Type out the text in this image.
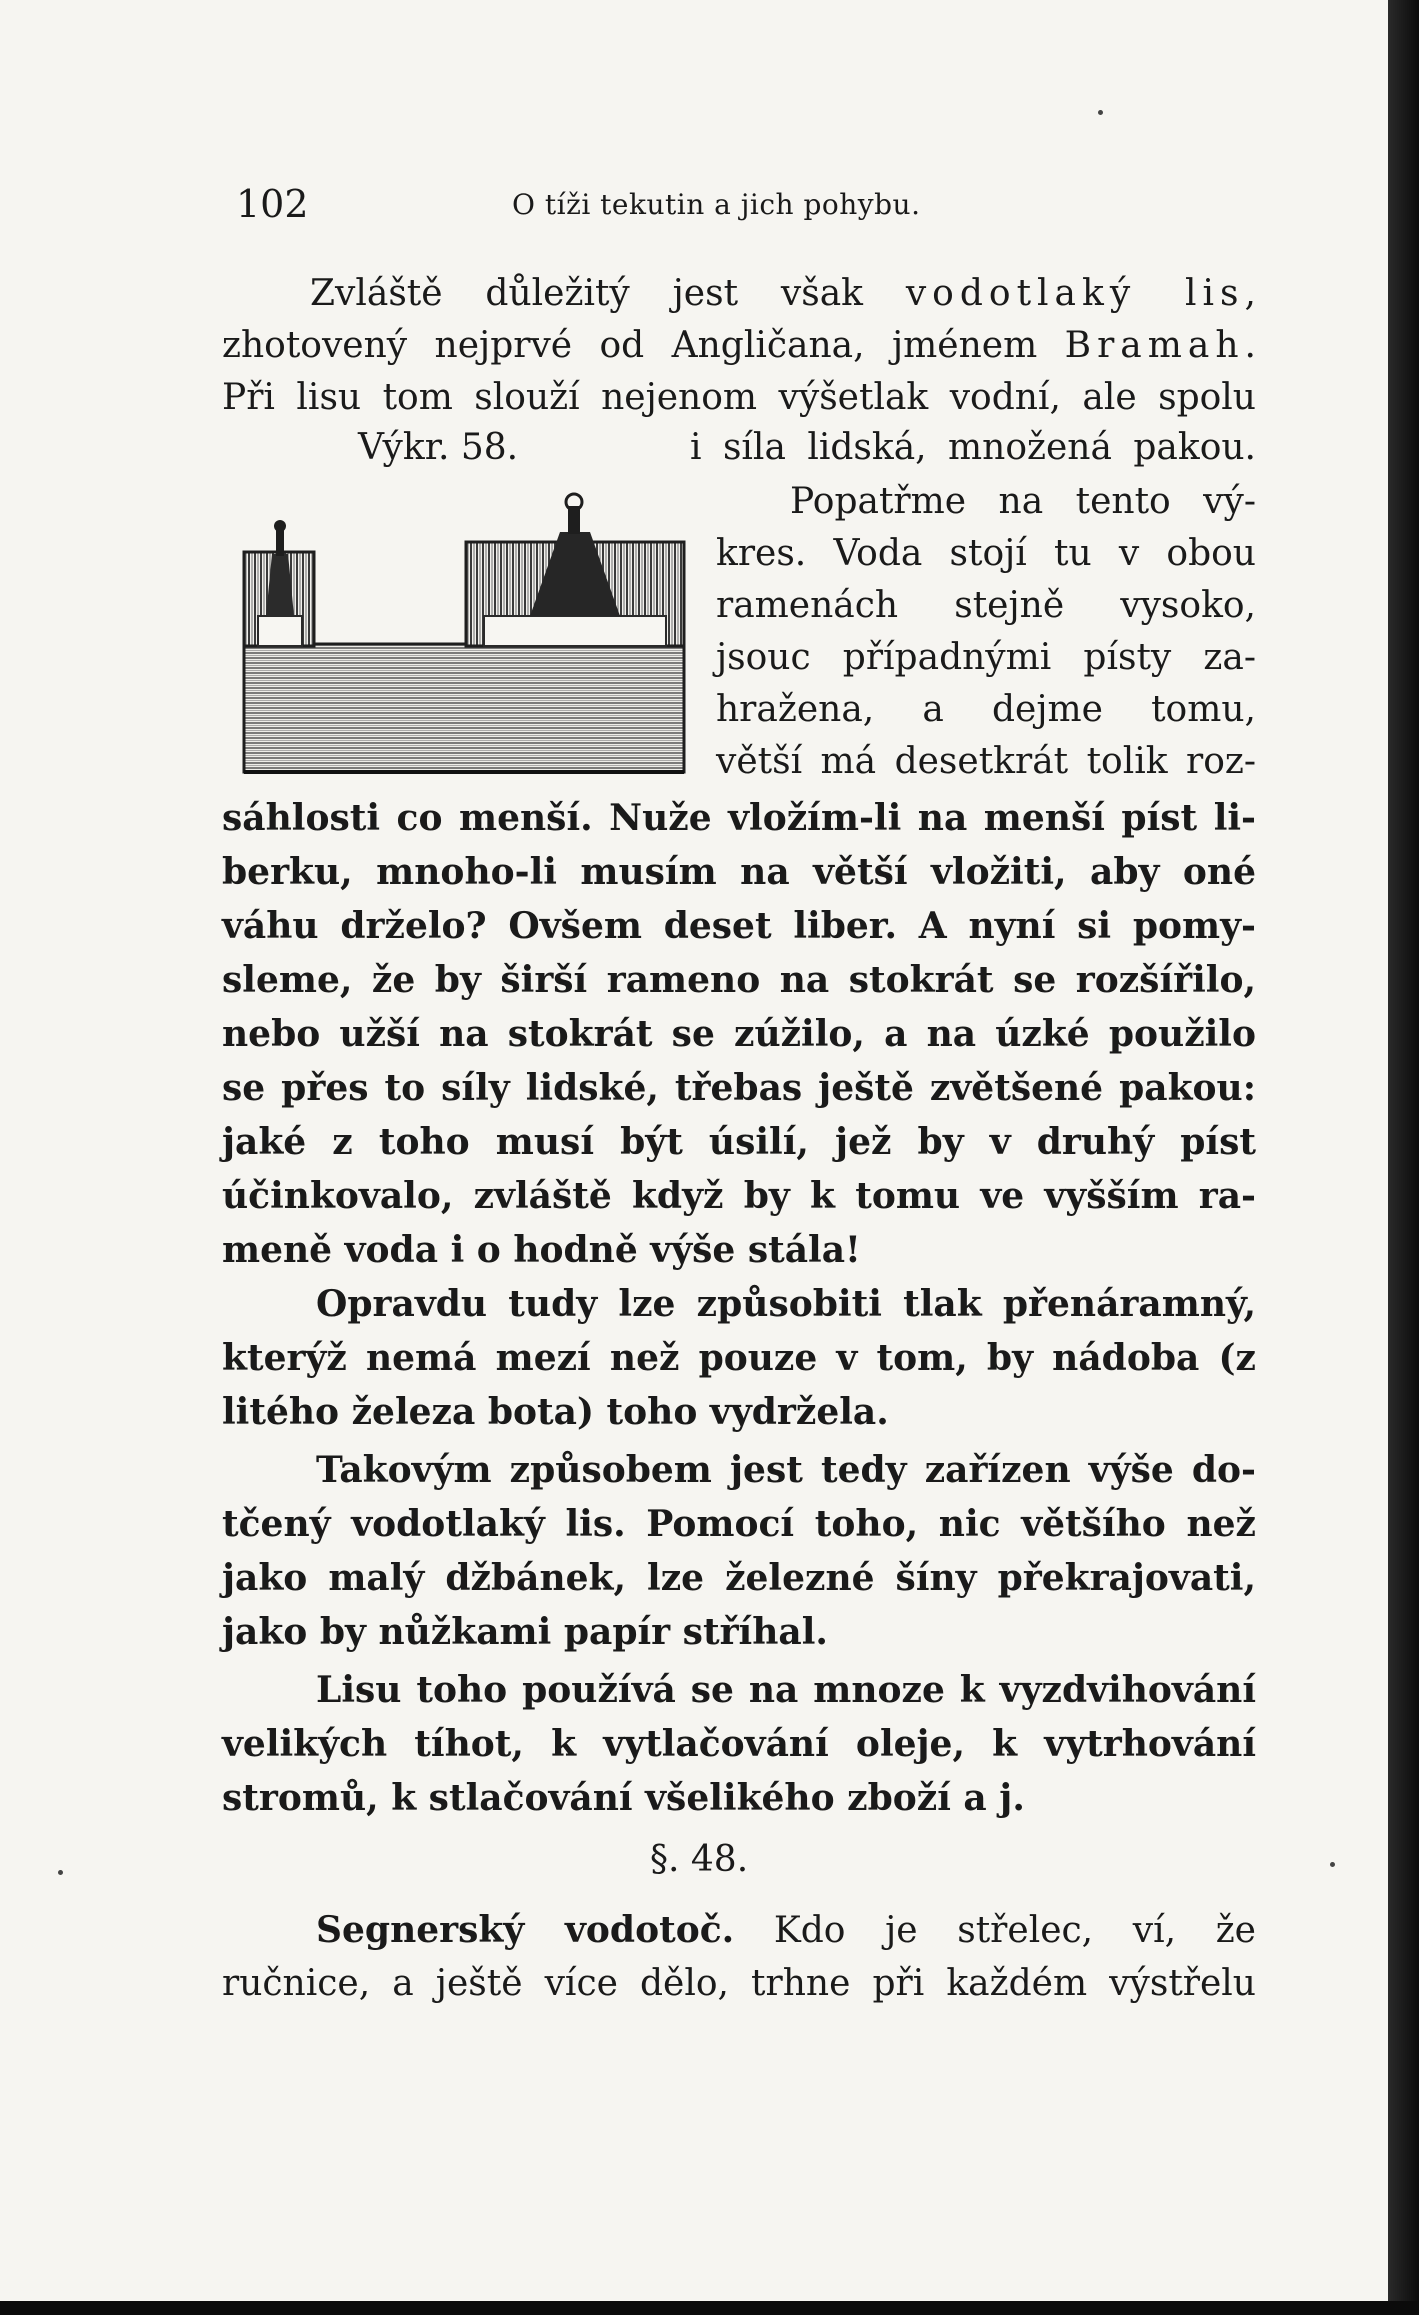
102	O tíži tekutin a jich pohybu.
Zvláště důležitý jest však vodotlaký lis,
zhotovený nejprvé od Angličana, jménem Bramah.
Při lisu tom slouží nejenom výšetlak vodní, ale spolu
Výkr. 58.	i síla lidská, množená pakou.
Popatřme na tento vý-
kres. Voda stojí tu v obou
ramenách stejně vysoko,
jsouc případnými písty za-
hražena, a dejme tomu,
větší má desetkrát tolik roz-
sáhlosti co menší. Nuže vložím-li na menší píst li-
berku, mnoho-li musím na větší vložiti, aby oné
váhu drželo? Ovšem deset liber. A nyní si pomy-
sleme, že by širší rameno na stokrát se rozšířilo,
nebo užší na stokrát se zúžilo, a na úzké použilo
se přes to síly lidské, třebas ještě zvětšené pakou:
jaké z toho musí být úsilí, jež by v druhý píst
účinkovalo, zvláště když by k tomu ve vyšším ra-
meně voda i o hodně výše stála!
Opravdu tudy lze způsobiti tlak přenáramný,
kterýž nemá mezí než pouze v tom, by nádoba (z
litého železa bota) toho vydržela.
Takovým způsobem jest tedy zařízen výše do-
tčený vodotlaký lis. Pomocí toho, nic většího než
jako malý džbánek, lze železné šíny překrajovati,
jako by nůžkami papír stříhal.
Lisu toho používá se na mnoze k vyzdvihování
velikých tíhot, k vytlačování oleje, k vytrhování
stromů, k stlačování všelikého zboží a j.
§. 48.
Segnerský vodotoč. Kdo je střelec, ví, že
ručnice, a ještě více dělo, trhne při každém výstřelu
